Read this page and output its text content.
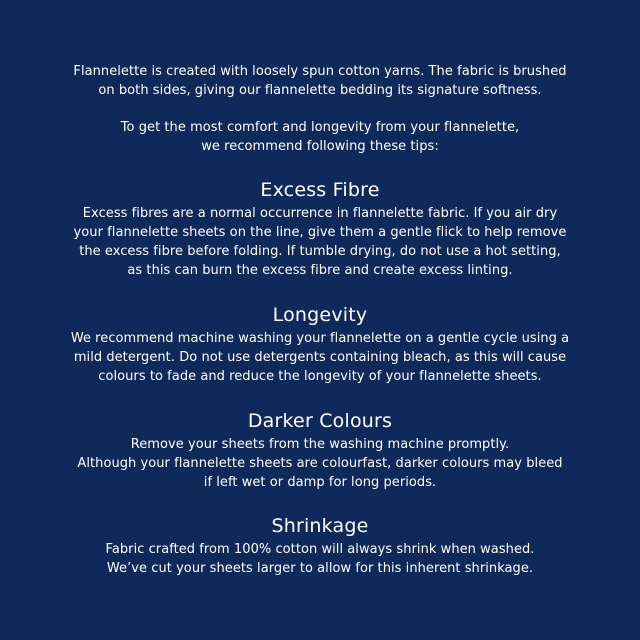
Flannelette is created with loosely spun cotton yarns. The fabric is brushed
on both sides, giving our flannelette bedding its signature softness.
To get the most comfort and longevity from your flannelette,
we recommend following these tips:
Excess Fibre
Excess fibres are a normal occurrence in flannelette fabric. If you air dry
your flannelette sheets on the line, give them a gentle flick to help remove
the excess fibre before folding. If tumble drying, do not use a hot setting,
as this can burn the excess fibre and create excess linting.
Longevity
We recommend machine washing your flannelette on a gentle cycle using a
mild detergent. Do not use detergents containing bleach, as this will cause
colours to fade and reduce the longevity of your flannelette sheets.
Darker Colours
Remove your sheets from the washing machine promptly.
Although your flannelette sheets are colourfast, darker colours may bleed
if left wet or damp for long periods.
Shrinkage
Fabric crafted from 100% cotton will always shrink when washed.
We’ve cut your sheets larger to allow for this inherent shrinkage.
